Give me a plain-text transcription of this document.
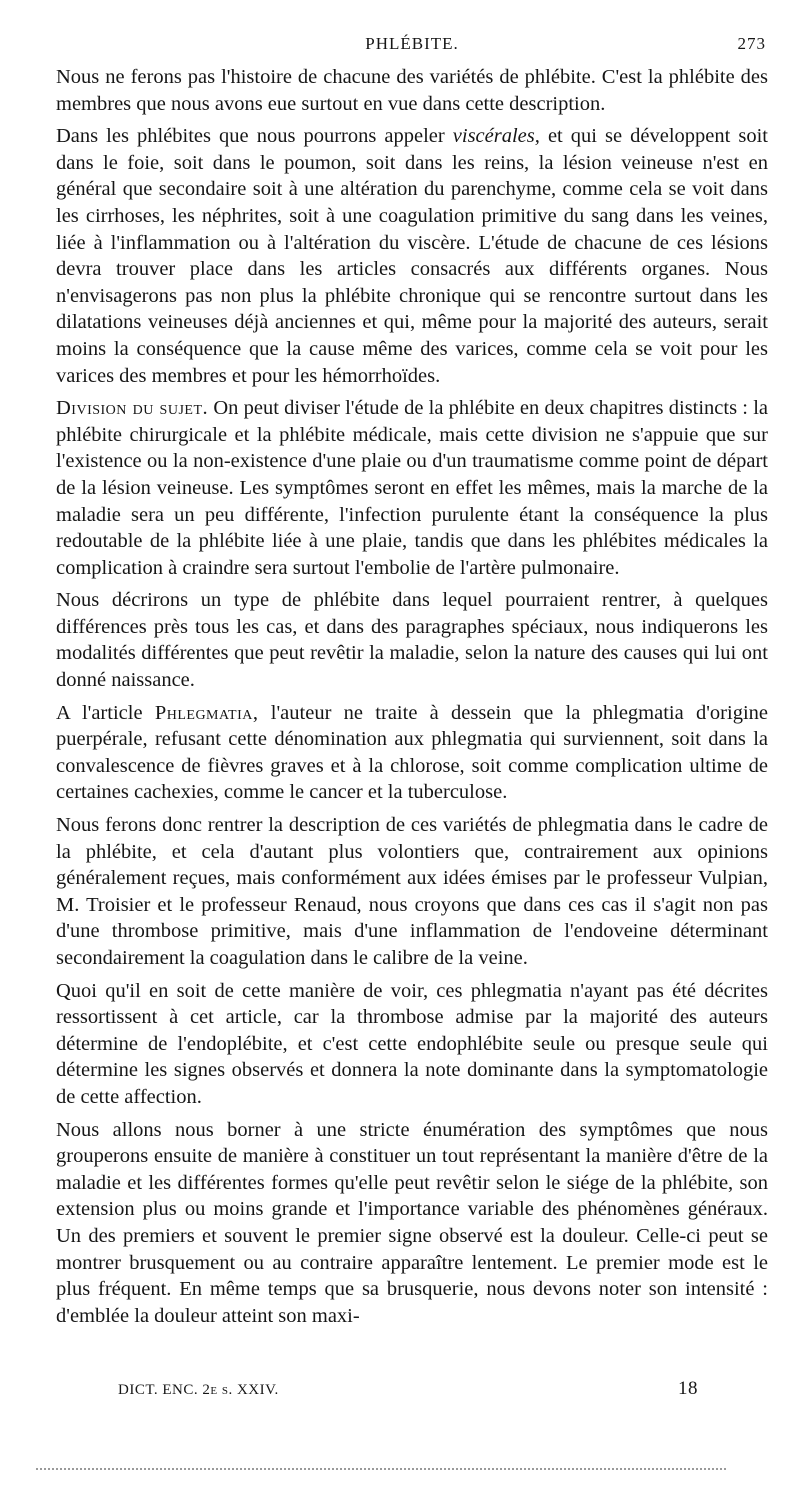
PHLÉBITE.	273

Nous ne ferons pas l'histoire de chacune des variétés de phlébite. C'est la phlébite des membres que nous avons eue surtout en vue dans cette description.

Dans les phlébites que nous pourrons appeler viscérales, et qui se développent soit dans le foie, soit dans le poumon, soit dans les reins, la lésion veineuse n'est en général que secondaire soit à une altération du parenchyme, comme cela se voit dans les cirrhoses, les néphrites, soit à une coagulation primitive du sang dans les veines, liée à l'inflammation ou à l'altération du viscère. L'étude de chacune de ces lésions devra trouver place dans les articles consacrés aux différents organes. Nous n'envisagerons pas non plus la phlébite chronique qui se rencontre surtout dans les dilatations veineuses déjà anciennes et qui, même pour la majorité des auteurs, serait moins la conséquence que la cause même des varices, comme cela se voit pour les varices des membres et pour les hémorrhoïdes.

Division du sujet. On peut diviser l'étude de la phlébite en deux chapitres distincts : la phlébite chirurgicale et la phlébite médicale, mais cette division ne s'appuie que sur l'existence ou la non-existence d'une plaie ou d'un traumatisme comme point de départ de la lésion veineuse. Les symptômes seront en effet les mêmes, mais la marche de la maladie sera un peu différente, l'infection purulente étant la conséquence la plus redoutable de la phlébite liée à une plaie, tandis que dans les phlébites médicales la complication à craindre sera surtout l'embolie de l'artère pulmonaire.

Nous décrirons un type de phlébite dans lequel pourraient rentrer, à quelques différences près tous les cas, et dans des paragraphes spéciaux, nous indiquerons les modalités différentes que peut revêtir la maladie, selon la nature des causes qui lui ont donné naissance.

A l'article Phlegmatia, l'auteur ne traite à dessein que la phlegmatia d'origine puerpérale, refusant cette dénomination aux phlegmatia qui surviennent, soit dans la convalescence de fièvres graves et à la chlorose, soit comme complication ultime de certaines cachexies, comme le cancer et la tuberculose.

Nous ferons donc rentrer la description de ces variétés de phlegmatia dans le cadre de la phlébite, et cela d'autant plus volontiers que, contrairement aux opinions généralement reçues, mais conformément aux idées émises par le professeur Vulpian, M. Troisier et le professeur Renaud, nous croyons que dans ces cas il s'agit non pas d'une thrombose primitive, mais d'une inflammation de l'endoveine déterminant secondairement la coagulation dans le calibre de la veine.

Quoi qu'il en soit de cette manière de voir, ces phlegmatia n'ayant pas été décrites ressortissent à cet article, car la thrombose admise par la majorité des auteurs détermine de l'endoplébite, et c'est cette endophlébite seule ou presque seule qui détermine les signes observés et donnera la note dominante dans la symptomatologie de cette affection.

Nous allons nous borner à une stricte énumération des symptômes que nous grouperons ensuite de manière à constituer un tout représentant la manière d'être de la maladie et les différentes formes qu'elle peut revêtir selon le siége de la phlébite, son extension plus ou moins grande et l'importance variable des phénomènes généraux. Un des premiers et souvent le premier signe observé est la douleur. Celle-ci peut se montrer brusquement ou au contraire apparaître lentement. Le premier mode est le plus fréquent. En même temps que sa brusquerie, nous devons noter son intensité : d'emblée la douleur atteint son maxi-

DICT. ENC. 2e s. XXIV.	18
